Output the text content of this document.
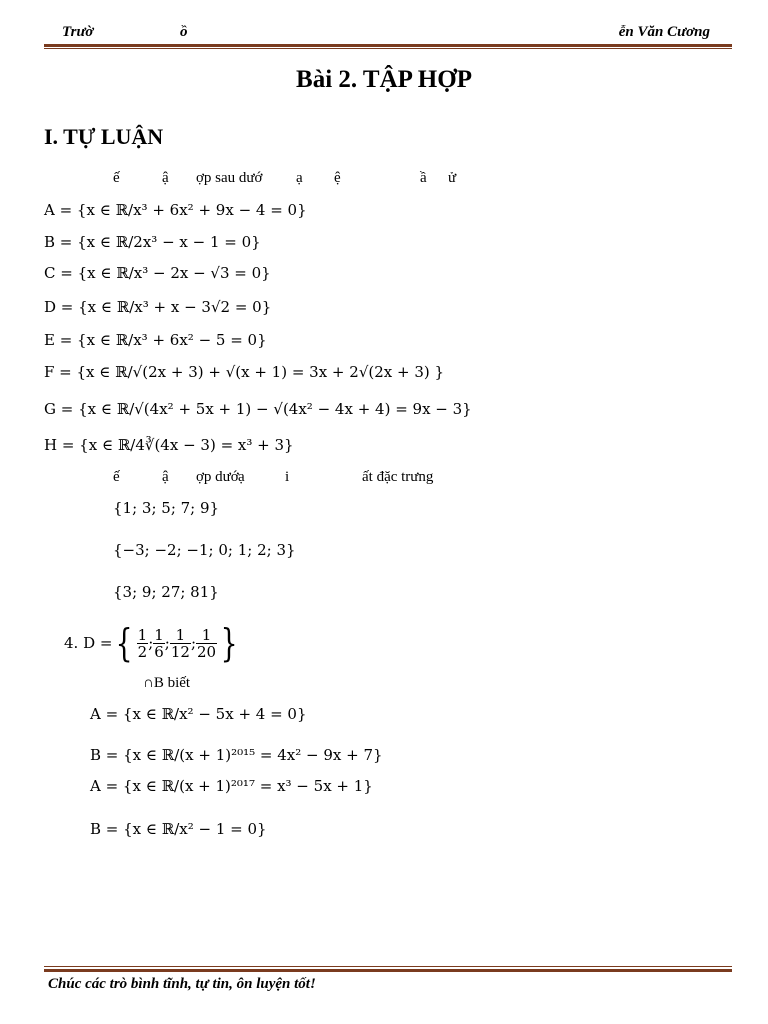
Trườ	ồ	ễn Văn Cương
Bài 2. TẬP HỢP
I. TỰ LUẬN
ế	ậ ợp sau dướ ạ ệ	ầ ử
A = {x ∈ ℝ/x³ + 6x² + 9x − 4 = 0}
B = {x ∈ ℝ/2x³ − x − 1 = 0}
C = {x ∈ ℝ/x³ − 2x − √3 = 0}
D = {x ∈ ℝ/x³ + x − 3√2 = 0}
E = {x ∈ ℝ/x³ + 6x² − 5 = 0}
F = {x ∈ ℝ/√(2x + 3) + √(x + 1) = 3x + 2√(2x + 3) }
G = {x ∈ ℝ/√(4x² + 5x + 1) − √(4x² − 4x + 4) = 9x − 3}
H = {x ∈ ℝ/4∛(4x − 3) = x³ + 3}
ế	ậ ợp dướ ạ	i	ất đặc trưng
{1; 3; 5; 7; 9}
{−3; −2; −1; 0; 1; 2; 3}
{3; 9; 27; 81}
4. D = { $\frac{1}{2}$ ; $\frac{1}{6}$ ; $\frac{1}{12}$ ; $\frac{1}{20}$ }
∩B biết
A = {x ∈ ℝ/x² − 5x + 4 = 0}
B = {x ∈ ℝ/(x + 1)²⁰¹⁵ = 4x² − 9x + 7}
A = {x ∈ ℝ/(x + 1)²⁰¹⁷ = x³ − 5x + 1}
B = {x ∈ ℝ/x² − 1 = 0}
Chúc các trò bình tĩnh, tự tin, ôn luyện tốt!
